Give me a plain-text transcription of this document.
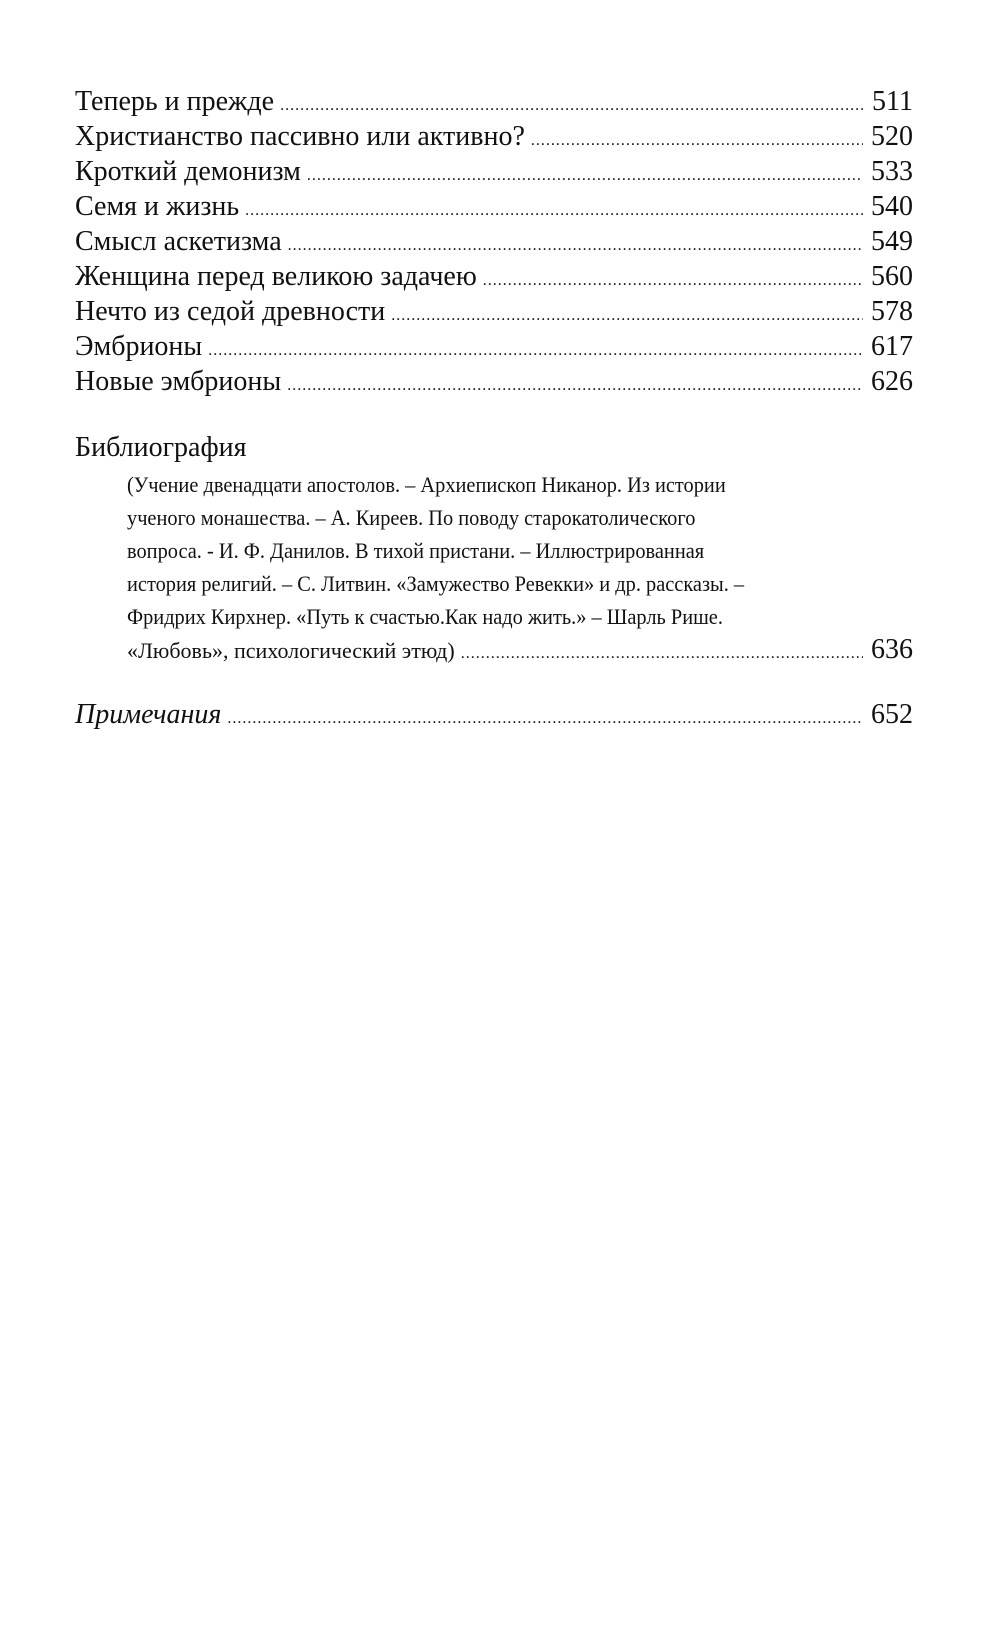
Теперь и прежде .....	511
Христианство пассивно или активно? .....	520
Кроткий демонизм .....	533
Семя и жизнь .....	540
Смысл аскетизма .....	549
Женщина перед великою задачею .....	560
Нечто из седой древности .....	578
Эмбрионы .....	617
Новые эмбрионы .....	626
Библиография
(Учение двенадцати апостолов. – Архиепископ Никанор. Из истории
ученого монашества. – А. Киреев. По поводу старокатолического
вопроса. - И. Ф. Данилов. В тихой пристани. – Иллюстрированная
история религий. – С. Литвин. «Замужество Ревекки» и др. рассказы. –
Фридрих Кирхнер. «Путь к счастью.Как надо жить.» – Шарль Рише.
«Любовь», психологический этюд) .....	636
Примечания .....	652
